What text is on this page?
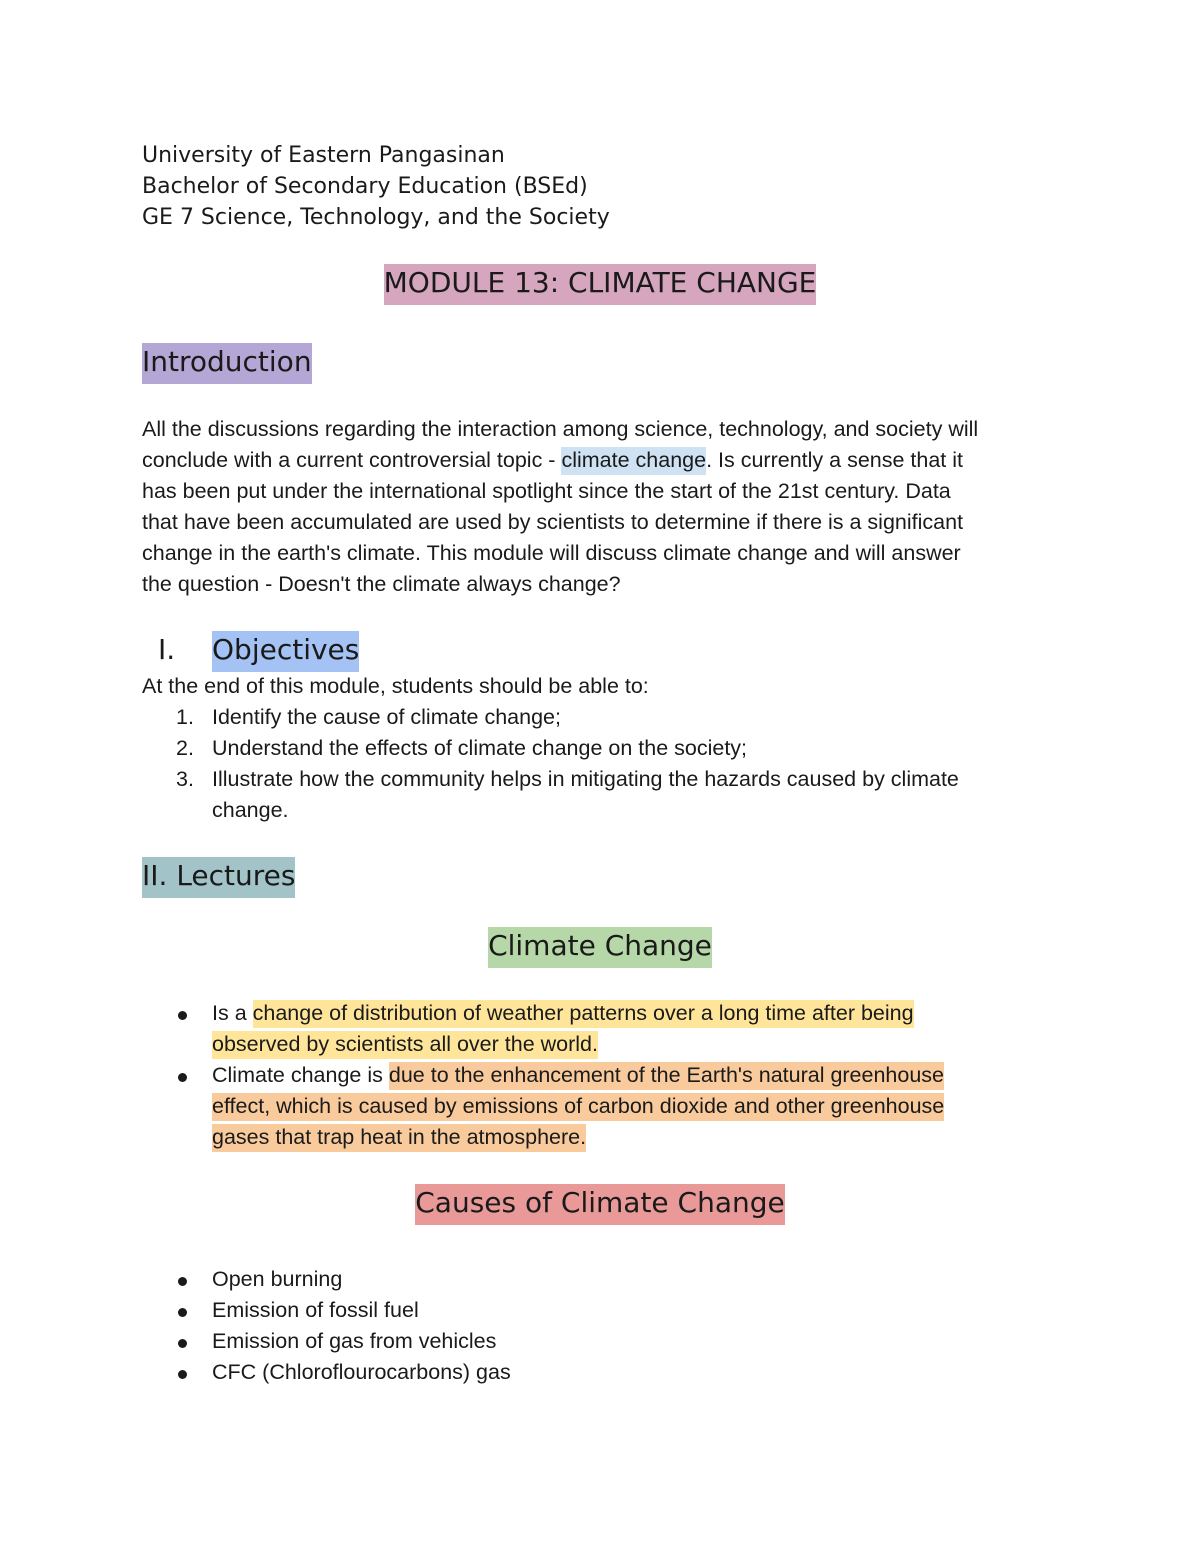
University of Eastern Pangasinan
Bachelor of Secondary Education (BSEd)
GE 7 Science, Technology, and the Society
MODULE 13: CLIMATE CHANGE
Introduction
All the discussions regarding the interaction among science, technology, and society will
conclude with a current controversial topic - climate change. Is currently a sense that it
has been put under the international spotlight since the start of the 21st century. Data
that have been accumulated are used by scientists to determine if there is a significant
change in the earth's climate. This module will discuss climate change and will answer
the question - Doesn't the climate always change?
I. Objectives
At the end of this module, students should be able to:
1. Identify the cause of climate change;
2. Understand the effects of climate change on the society;
3. Illustrate how the community helps in mitigating the hazards caused by climate
change.
II. Lectures
Climate Change
Is a change of distribution of weather patterns over a long time after being
observed by scientists all over the world.
Climate change is due to the enhancement of the Earth's natural greenhouse
effect, which is caused by emissions of carbon dioxide and other greenhouse
gases that trap heat in the atmosphere.
Causes of Climate Change
Open burning
Emission of fossil fuel
Emission of gas from vehicles
CFC (Chloroflourocarbons) gas
